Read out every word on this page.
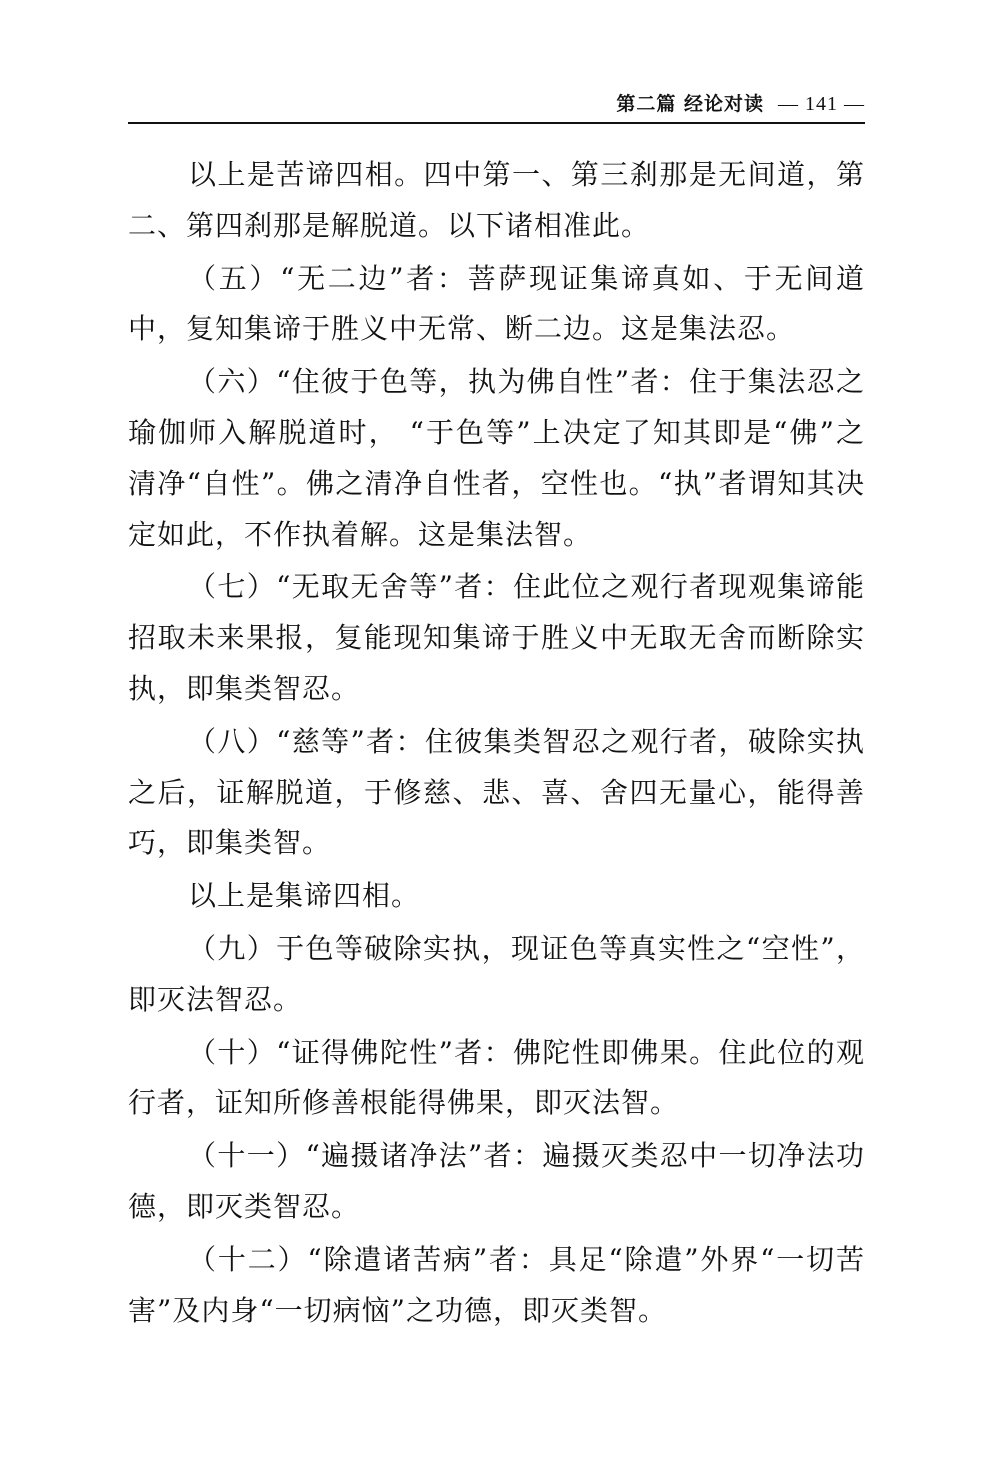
第二篇 经论对读 — 141 —

以上是苦谛四相。四中第一、第三刹那是无间道，第二、第四刹那是解脱道。以下诸相准此。

（五）“无二边”者：菩萨现证集谛真如、于无间道中，复知集谛于胜义中无常、断二边。这是集法忍。

（六）“住彼于色等，执为佛自性”者：住于集法忍之瑜伽师入解脱道时， “于色等”上决定了知其即是“佛”之清净“自性”。佛之清净自性者，空性也。“执”者谓知其决定如此，不作执着解。这是集法智。

（七）“无取无舍等”者：住此位之观行者现观集谛能招取未来果报，复能现知集谛于胜义中无取无舍而断除实执，即集类智忍。

（八）“慈等”者：住彼集类智忍之观行者，破除实执之后，证解脱道，于修慈、悲、喜、舍四无量心，能得善巧，即集类智。

以上是集谛四相。

（九）于色等破除实执，现证色等真实性之“空性”，即灭法智忍。

（十）“证得佛陀性”者：佛陀性即佛果。住此位的观行者，证知所修善根能得佛果，即灭法智。

（十一）“遍摄诸净法”者：遍摄灭类忍中一切净法功德，即灭类智忍。

（十二）“除遣诸苦病”者：具足“除遣”外界“一切苦害”及内身“一切病恼”之功德，即灭类智。
